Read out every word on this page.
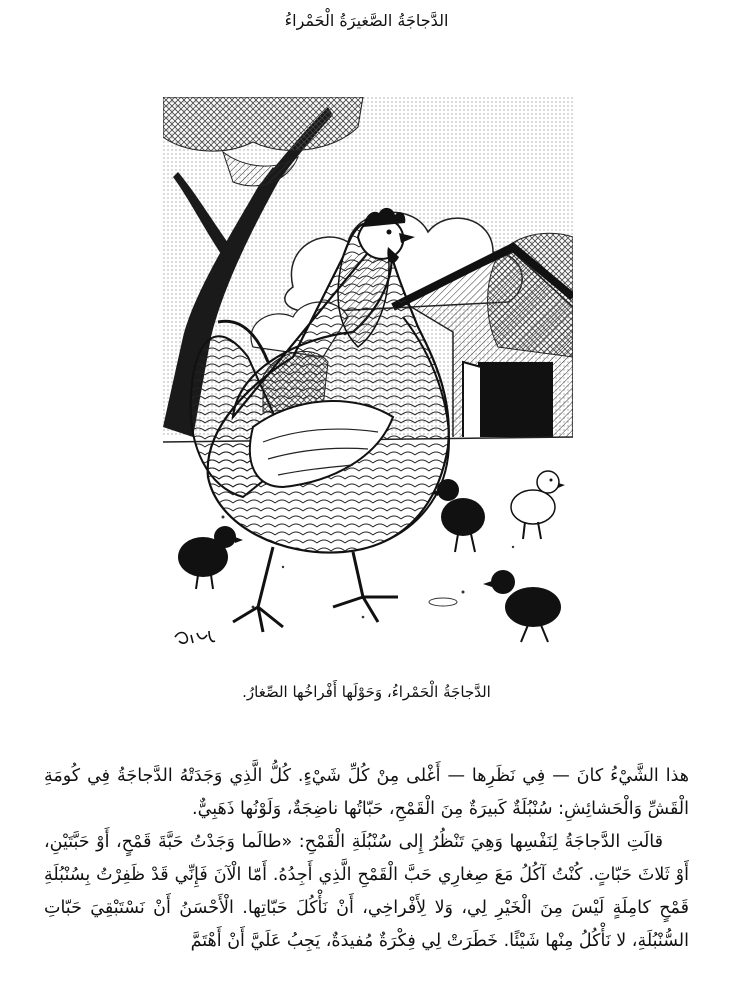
الدَّجاجَةُ الصَّغيرَةُ الْحَمْراءُ
الدَّجاجَةُ الْحَمْراءُ، وَحَوْلَها أَفْراخُها الصِّغارُ.

هذا الشَّيْءُ كانَ — فِي نَظَرِها — أَغْلى مِنْ كُلِّ شَيْءٍ. كُلُّ الَّذِي وَجَدَتْهُ الدَّجاجَةُ فِي كُومَةِ الْقَشِّ وَالْحَشائِشِ: سُنْبُلَةٌ كَبيرَةٌ مِنَ الْقَمْحِ، حَبّاتُها ناضِجَةٌ، وَلَوْنُها ذَهَبِيٌّ.

قالَتِ الدَّجاجَةُ لِنَفْسِها وَهِيَ تَنْظُرُ إِلى سُنْبُلَةِ الْقَمْحِ: «طالَما وَجَدْتُ حَبَّةَ قَمْحٍ، أَوْ حَبَّتَيْنِ، أَوْ ثَلاثَ حَبّاتٍ. كُنْتُ آكُلُ مَعَ صِغارِي حَبَّ الْقَمْحِ الَّذِي أَجِدُهُ. أَمّا الْآنَ فَإِنِّي قَدْ ظَفِرْتُ بِسُنْبُلَةِ قَمْحٍ كامِلَةٍ لَيْسَ مِنَ الْخَيْرِ لِي، وَلا لِأَفْراخِي، أَنْ نَأْكُلَ حَبّاتِها. الْأَحْسَنُ أَنْ نَسْتَبْقِيَ حَبّاتِ السُّنْبُلَةِ، لا نَأْكُلُ مِنْها شَيْئًا. خَطَرَتْ لِي فِكْرَةٌ مُفيدَةٌ، يَجِبُ عَلَيَّ أَنْ أَهْتَمَّ
